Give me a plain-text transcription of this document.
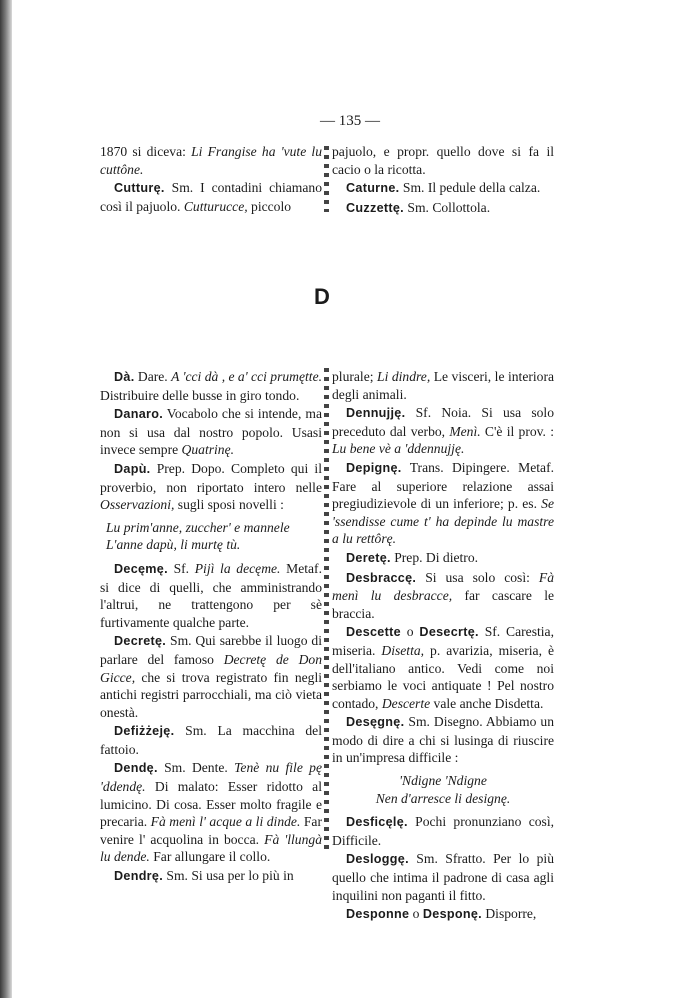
— 135 —

1870 si diceva: Li Frangise ha 'vute lu cuttône.

Cutturę. Sm. I contadini chiamano così il pajuolo. Cutturucce, piccolo

pajuolo, e propr. quello dove si fa il cacio o la ricotta.

Caturne. Sm. Il pedule della calza.

Cuzzettę. Sm. Collottola.

D

Dà. Dare. A 'cci dà , e a' cci prumętte. Distribuire delle busse in giro tondo.

Danaro. Vocabolo che si intende, ma non si usa dal nostro popolo. Usasi invece sempre Quatrinę.

Dapù. Prep. Dopo. Completo qui il proverbio, non riportato intero nelle Osservazioni, sugli sposi novelli :

Lu prim'anne, zuccher' e mannele
L'anne dapù, li murtę tù.

Decęmę. Sf. Pijì la decęme. Metaf. si dice di quelli, che amministrando l'altrui, ne trattengono per sè furtivamente qualche parte.

Decretę. Sm. Qui sarebbe il luogo di parlare del famoso Decretę de Don Gicce, che si trova registrato fin negli antichi registri parrocchiali, ma ciò vieta onestà.

Defiżżeję. Sm. La macchina del fattoio.

Dendę. Sm. Dente. Tenè nu file pę 'ddendę. Di malato: Esser ridotto al lumicino. Di cosa. Esser molto fragile e precaria. Fà menì l' acque a li dinde. Far venire l' acquolina in bocca. Fà 'llungà lu dende. Far allungare il collo.

Dendrę. Sm. Si usa per lo più in

plurale; Li dindre, Le visceri, le interiora degli animali.

Dennujję. Sf. Noia. Si usa solo preceduto dal verbo, Menì. C'è il prov. : Lu bene vè a 'ddennujję.

Depignę. Trans. Dipingere. Metaf. Fare al superiore relazione assai pregiudizievole di un inferiore; p. es. Se 'ssendisse cume t' ha depinde lu mastre a lu rettôrę.

Deretę. Prep. Di dietro.

Desbraccę. Si usa solo così: Fà menì lu desbracce, far cascare le braccia.

Descette o Desecrtę. Sf. Carestia, miseria. Disetta, p. avarizia, miseria, è dell'italiano antico. Vedi come noi serbiamo le voci antiquate ! Pel nostro contado, Descerte vale anche Disdetta.

Desęgnę. Sm. Disegno. Abbiamo un modo di dire a chi si lusinga di riuscire in un'impresa difficile :

'Ndigne 'Ndigne
Nen d'arresce li designę.

Desficęlę. Pochi pronunziano così, Difficile.

Desloggę. Sm. Sfratto. Per lo più quello che intima il padrone di casa agli inquilini non paganti il fitto.

Desponne o Desponę. Disporre,
